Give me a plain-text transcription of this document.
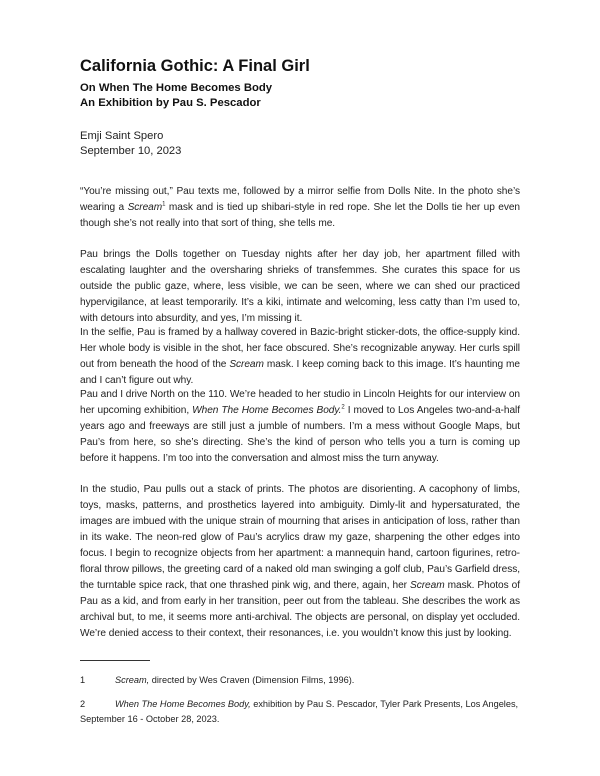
California Gothic: A Final Girl
On When The Home Becomes Body
An Exhibition by Pau S. Pescador
Emji Saint Spero
September 10, 2023
“You’re missing out,” Pau texts me, followed by a mirror selfie from Dolls Nite. In the photo she’s wearing a Scream$^1$ mask and is tied up shibari-style in red rope. She let the Dolls tie her up even though she’s not really into that sort of thing, she tells me.
Pau brings the Dolls together on Tuesday nights after her day job, her apartment filled with escalating laughter and the oversharing shrieks of transfemmes. She curates this space for us outside the public gaze, where, less visible, we can be seen, where we can shed our practiced hypervigilance, at least temporarily. It’s a kiki, intimate and welcoming, less catty than I’m used to, with detours into absurdity, and yes, I’m missing it.
In the selfie, Pau is framed by a hallway covered in Bazic-bright sticker-dots, the office-supply kind. Her whole body is visible in the shot, her face obscured. She’s recognizable anyway. Her curls spill out from beneath the hood of the Scream mask. I keep coming back to this image. It’s haunting me and I can’t figure out why.
Pau and I drive North on the 110. We’re headed to her studio in Lincoln Heights for our interview on her upcoming exhibition, When The Home Becomes Body.$^2$ I moved to Los Angeles two-and-a-half years ago and freeways are still just a jumble of numbers. I’m a mess without Google Maps, but Pau’s from here, so she’s directing. She’s the kind of person who tells you a turn is coming up before it happens. I’m too into the conversation and almost miss the turn anyway.
In the studio, Pau pulls out a stack of prints. The photos are disorienting. A cacophony of limbs, toys, masks, patterns, and prosthetics layered into ambiguity. Dimly-lit and hypersaturated, the images are imbued with the unique strain of mourning that arises in anticipation of loss, rather than in its wake. The neon-red glow of Pau’s acrylics draw my gaze, sharpening the other edges into focus. I begin to recognize objects from her apartment: a mannequin hand, cartoon figurines, retro-floral throw pillows, the greeting card of a naked old man swinging a golf club, Pau’s Garfield dress, the turntable spice rack, that one thrashed pink wig, and there, again, her Scream mask. Photos of Pau as a kid, and from early in her transition, peer out from the tableau. She describes the work as archival but, to me, it seems more anti-archival. The objects are personal, on display yet occluded. We’re denied access to their context, their resonances, i.e. you wouldn’t know this just by looking.
1	Scream, directed by Wes Craven (Dimension Films, 1996).
2	When The Home Becomes Body, exhibition by Pau S. Pescador, Tyler Park Presents, Los Angeles, September 16 - October 28, 2023.
